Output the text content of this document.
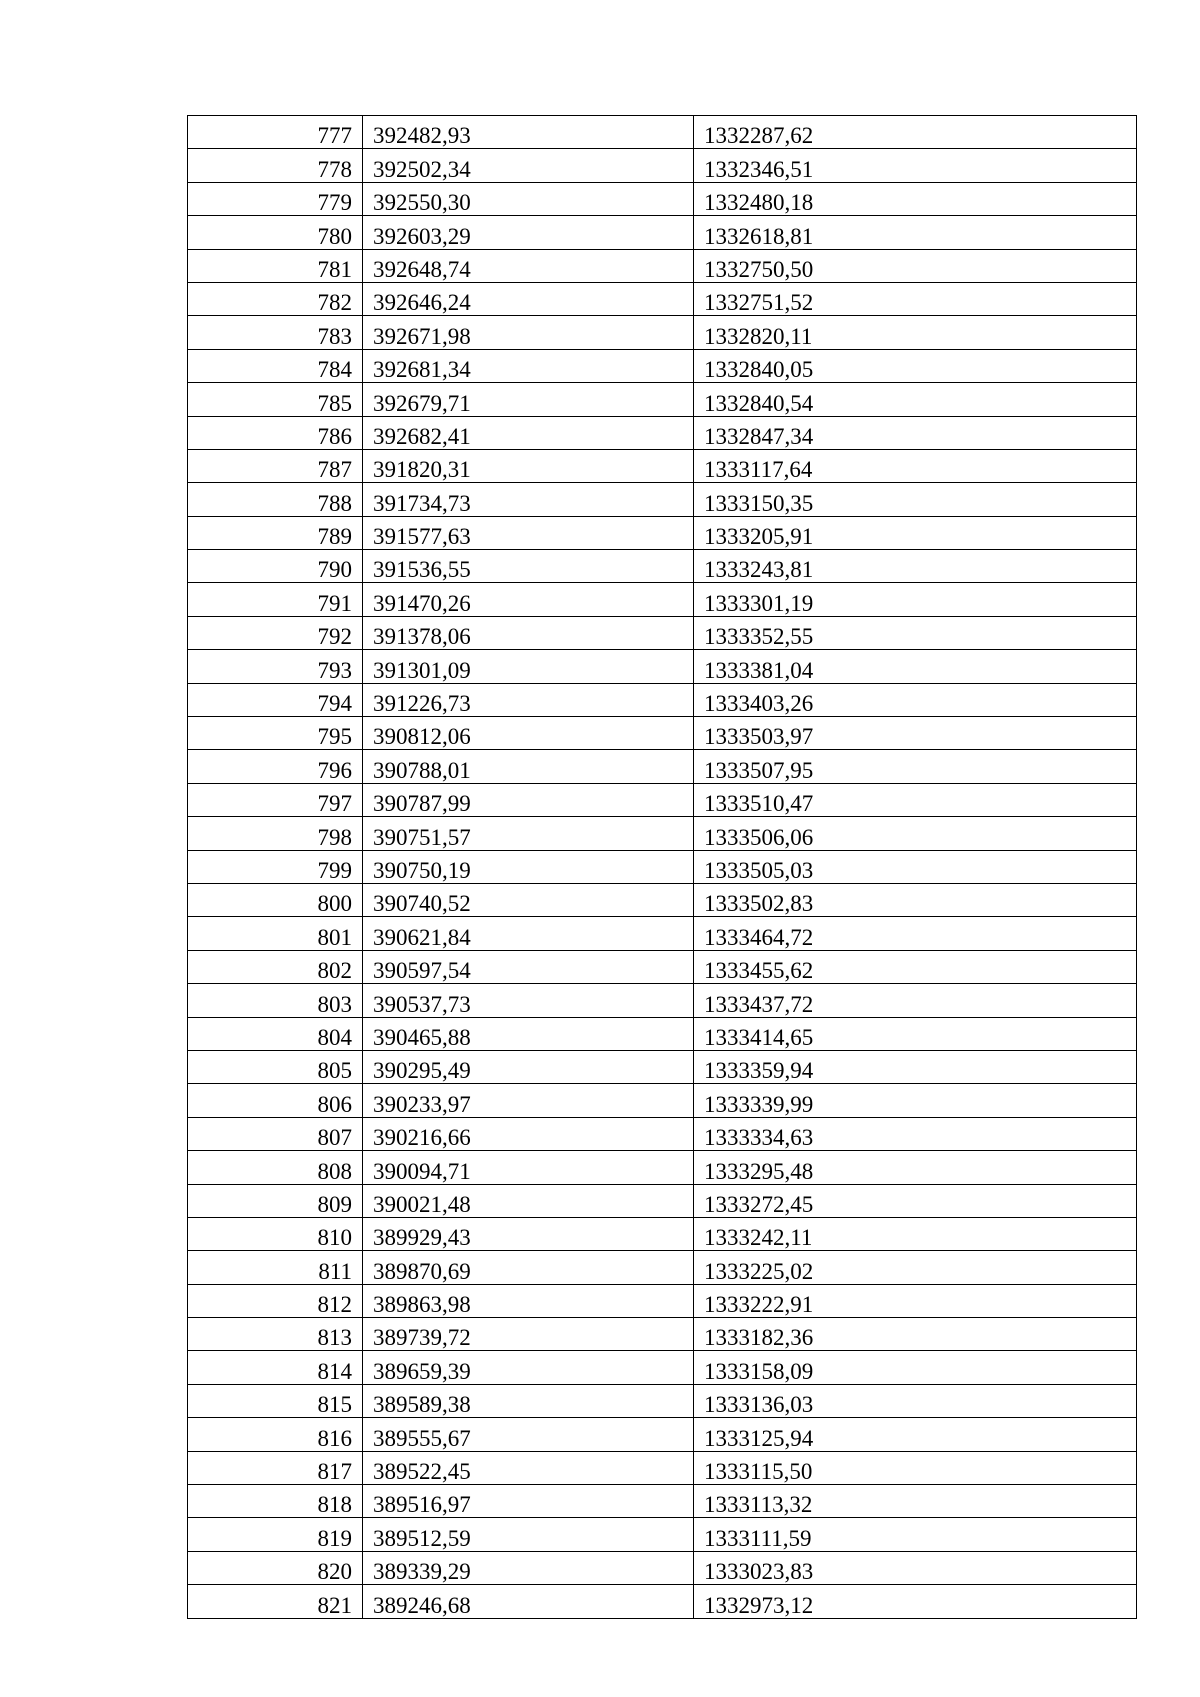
777	392482,93	1332287,62
778	392502,34	1332346,51
779	392550,30	1332480,18
780	392603,29	1332618,81
781	392648,74	1332750,50
782	392646,24	1332751,52
783	392671,98	1332820,11
784	392681,34	1332840,05
785	392679,71	1332840,54
786	392682,41	1332847,34
787	391820,31	1333117,64
788	391734,73	1333150,35
789	391577,63	1333205,91
790	391536,55	1333243,81
791	391470,26	1333301,19
792	391378,06	1333352,55
793	391301,09	1333381,04
794	391226,73	1333403,26
795	390812,06	1333503,97
796	390788,01	1333507,95
797	390787,99	1333510,47
798	390751,57	1333506,06
799	390750,19	1333505,03
800	390740,52	1333502,83
801	390621,84	1333464,72
802	390597,54	1333455,62
803	390537,73	1333437,72
804	390465,88	1333414,65
805	390295,49	1333359,94
806	390233,97	1333339,99
807	390216,66	1333334,63
808	390094,71	1333295,48
809	390021,48	1333272,45
810	389929,43	1333242,11
811	389870,69	1333225,02
812	389863,98	1333222,91
813	389739,72	1333182,36
814	389659,39	1333158,09
815	389589,38	1333136,03
816	389555,67	1333125,94
817	389522,45	1333115,50
818	389516,97	1333113,32
819	389512,59	1333111,59
820	389339,29	1333023,83
821	389246,68	1332973,12
